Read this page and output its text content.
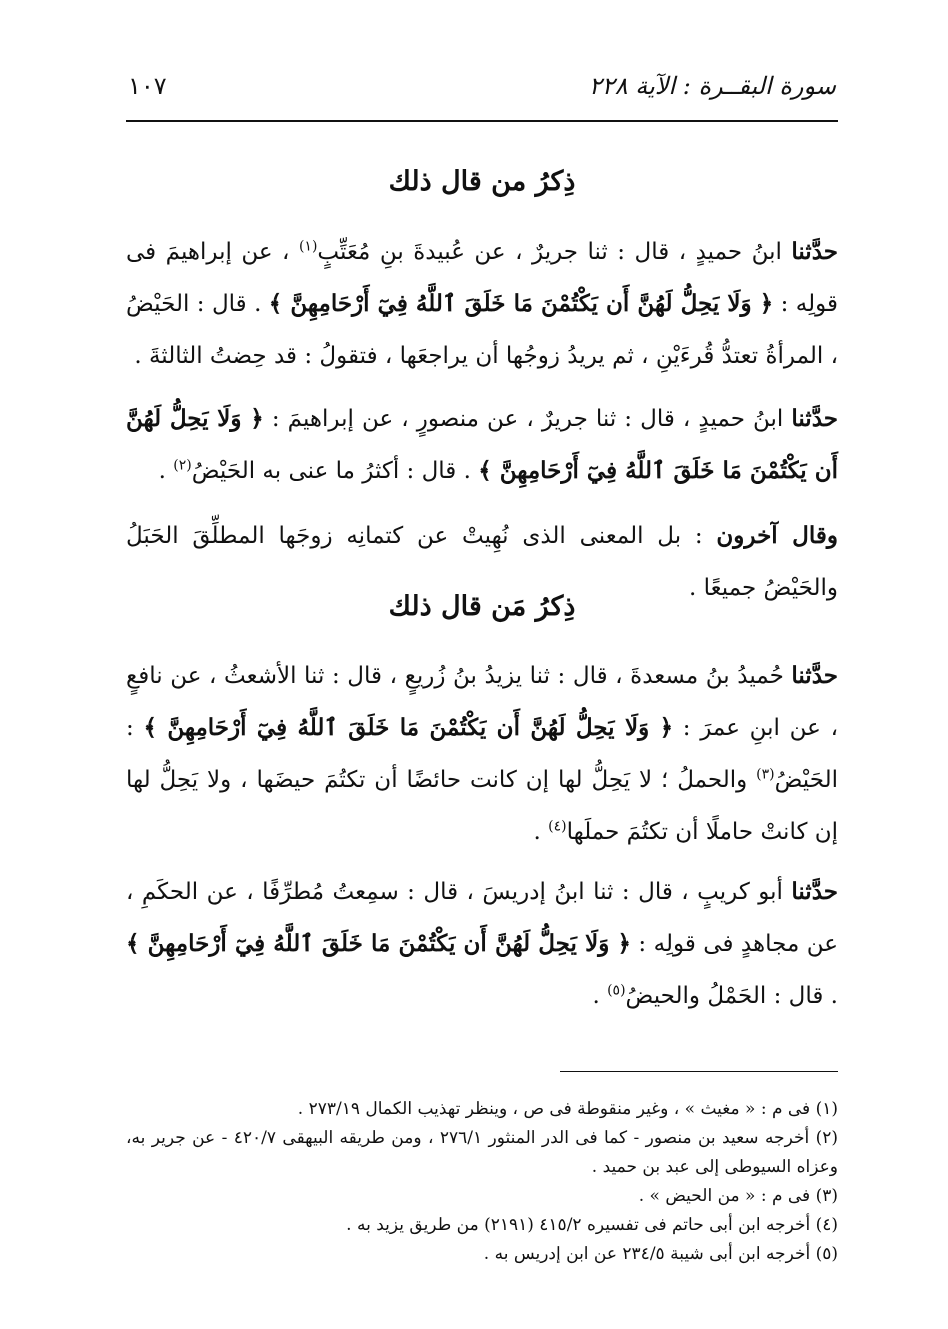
سورة البقــرة : الآية ٢٢٨
١٠٧
ذِكرُ من قال ذلك

حدَّثنا ابنُ حميدٍ ، قال : ثنا جريرٌ ، عن عُبيدةَ بنِ مُعَتِّبٍ$^{(١)}$ ، عن إبراهيمَ فى قولِه : ﴿ وَلَا يَحِلُّ لَهُنَّ أَن يَكْتُمْنَ مَا خَلَقَ ٱللَّهُ فِيٓ أَرْحَامِهِنَّ ﴾ . قال : الحَيْضُ ، المرأةُ تعتدُّ قُرءَيْنِ ، ثم يريدُ زوجُها أن يراجعَها ، فتقولُ : قد حِضتُ الثالثةَ .

حدَّثنا ابنُ حميدٍ ، قال : ثنا جريرٌ ، عن منصورٍ ، عن إبراهيمَ : ﴿ وَلَا يَحِلُّ لَهُنَّ أَن يَكْتُمْنَ مَا خَلَقَ ٱللَّهُ فِيٓ أَرْحَامِهِنَّ ﴾ . قال : أكثرُ ما عنى به الحَيْضُ$^{(٢)}$ .

وقال آخرون : بل المعنى الذى نُهِيتْ عن كتمانِه زوجَها المطلِّقَ الحَبَلُ والحَيْضُ جميعًا .

ذِكرُ مَن قال ذلك

حدَّثنا حُميدُ بنُ مسعدةَ ، قال : ثنا يزيدُ بنُ زُريعٍ ، قال : ثنا الأشعثُ ، عن نافعٍ ، عن ابنِ عمرَ : ﴿ وَلَا يَحِلُّ لَهُنَّ أَن يَكْتُمْنَ مَا خَلَقَ ٱللَّهُ فِيٓ أَرْحَامِهِنَّ ﴾ : الحَيْضُ$^{(٣)}$ والحملُ ؛ لا يَحِلُّ لها إن كانت حائضًا أن تكتُمَ حيضَها ، ولا يَحِلُّ لها إن كانتْ حاملًا أن تكتُمَ حملَها$^{(٤)}$ .

حدَّثنا أبو كريبٍ ، قال : ثنا ابنُ إدريسَ ، قال : سمِعتُ مُطرِّفًا ، عن الحكَمِ ، عن مجاهدٍ فى قولِه : ﴿ وَلَا يَحِلُّ لَهُنَّ أَن يَكْتُمْنَ مَا خَلَقَ ٱللَّهُ فِيٓ أَرْحَامِهِنَّ ﴾ . قال : الحَمْلُ والحيضُ$^{(٥)}$ .

(١) فى م : « مغيث » ، وغير منقوطة فى ص ، وينظر تهذيب الكمال ٢٧٣/١٩ .
(٢) أخرجه سعيد بن منصور - كما فى الدر المنثور ٢٧٦/١ ، ومن طريقه البيهقى ٤٢٠/٧ - عن جرير به، وعزاه السيوطى إلى عبد بن حميد .
(٣) فى م : « من الحيض » .
(٤) أخرجه ابن أبى حاتم فى تفسيره ٤١٥/٢ (٢١٩١) من طريق يزيد به .
(٥) أخرجه ابن أبى شيبة ٢٣٤/٥ عن ابن إدريس به .
